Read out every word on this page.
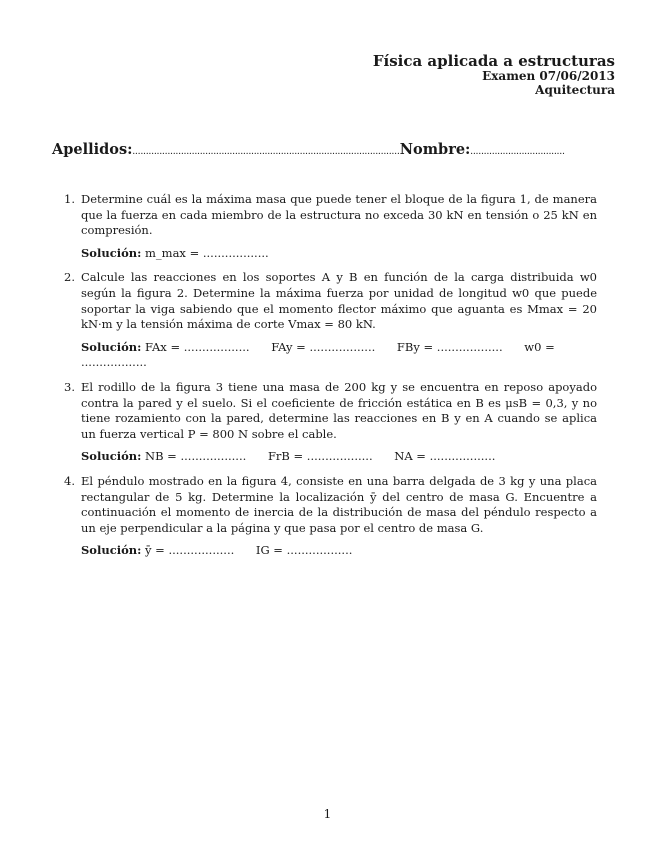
Física aplicada a estructuras
Examen 07/06/2013
Aquitectura
Apellidos:...................................................................................................Nombre:...................................
1. Determine cuál es la máxima masa que puede tener el bloque de la figura 1, de manera que la fuerza en cada miembro de la estructura no exceda 30 kN en tensión o 25 kN en compresión.
Solución: m_max = ..................
2. Calcule las reacciones en los soportes A y B en función de la carga distribuida w0 según la figura 2. Determine la máxima fuerza por unidad de longitud w0 que puede soportar la viga sabiendo que el momento flector máximo que aguanta es Mmax = 20 kN·m y la tensión máxima de corte Vmax = 80 kN.
Solución: FAx = .................. FAy = .................. FBy = .................. w0 = ..................
3. El rodillo de la figura 3 tiene una masa de 200 kg y se encuentra en reposo apoyado contra la pared y el suelo. Si el coeficiente de fricción estática en B es μsB = 0,3, y no tiene rozamiento con la pared, determine las reacciones en B y en A cuando se aplica un fuerza vertical P = 800 N sobre el cable.
Solución: NB = .................. FrB = .................. NA = ..................
4. El péndulo mostrado en la figura 4, consiste en una barra delgada de 3 kg y una placa rectangular de 5 kg. Determine la localización ȳ del centro de masa G. Encuentre a continuación el momento de inercia de la distribución de masa del péndulo respecto a un eje perpendicular a la página y que pasa por el centro de masa G.
Solución: ȳ = .................. IG = ..................
1
